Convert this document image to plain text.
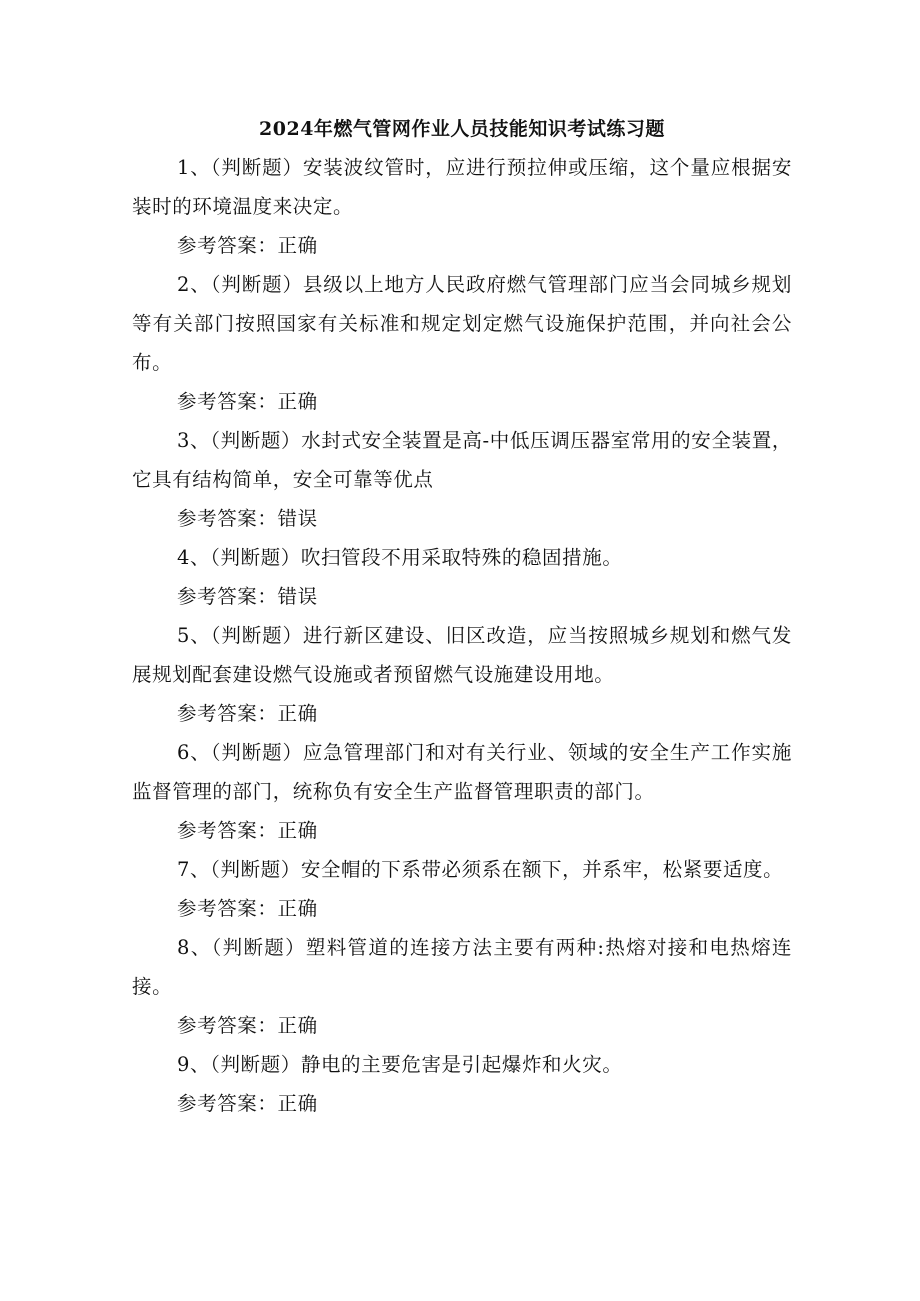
2024年燃气管网作业人员技能知识考试练习题

1、（判断题）安装波纹管时，应进行预拉伸或压缩，这个量应根据安装时的环境温度来决定。

参考答案：正确

2、（判断题）县级以上地方人民政府燃气管理部门应当会同城乡规划等有关部门按照国家有关标准和规定划定燃气设施保护范围，并向社会公布。

参考答案：正确

3、（判断题）水封式安全装置是高-中低压调压器室常用的安全装置，它具有结构简单，安全可靠等优点

参考答案：错误

4、（判断题）吹扫管段不用采取特殊的稳固措施。

参考答案：错误

5、（判断题）进行新区建设、旧区改造，应当按照城乡规划和燃气发展规划配套建设燃气设施或者预留燃气设施建设用地。

参考答案：正确

6、（判断题）应急管理部门和对有关行业、领域的安全生产工作实施监督管理的部门，统称负有安全生产监督管理职责的部门。

参考答案：正确

7、（判断题）安全帽的下系带必须系在额下，并系牢，松紧要适度。

参考答案：正确

8、（判断题）塑料管道的连接方法主要有两种:热熔对接和电热熔连接。

参考答案：正确

9、（判断题）静电的主要危害是引起爆炸和火灾。

参考答案：正确
